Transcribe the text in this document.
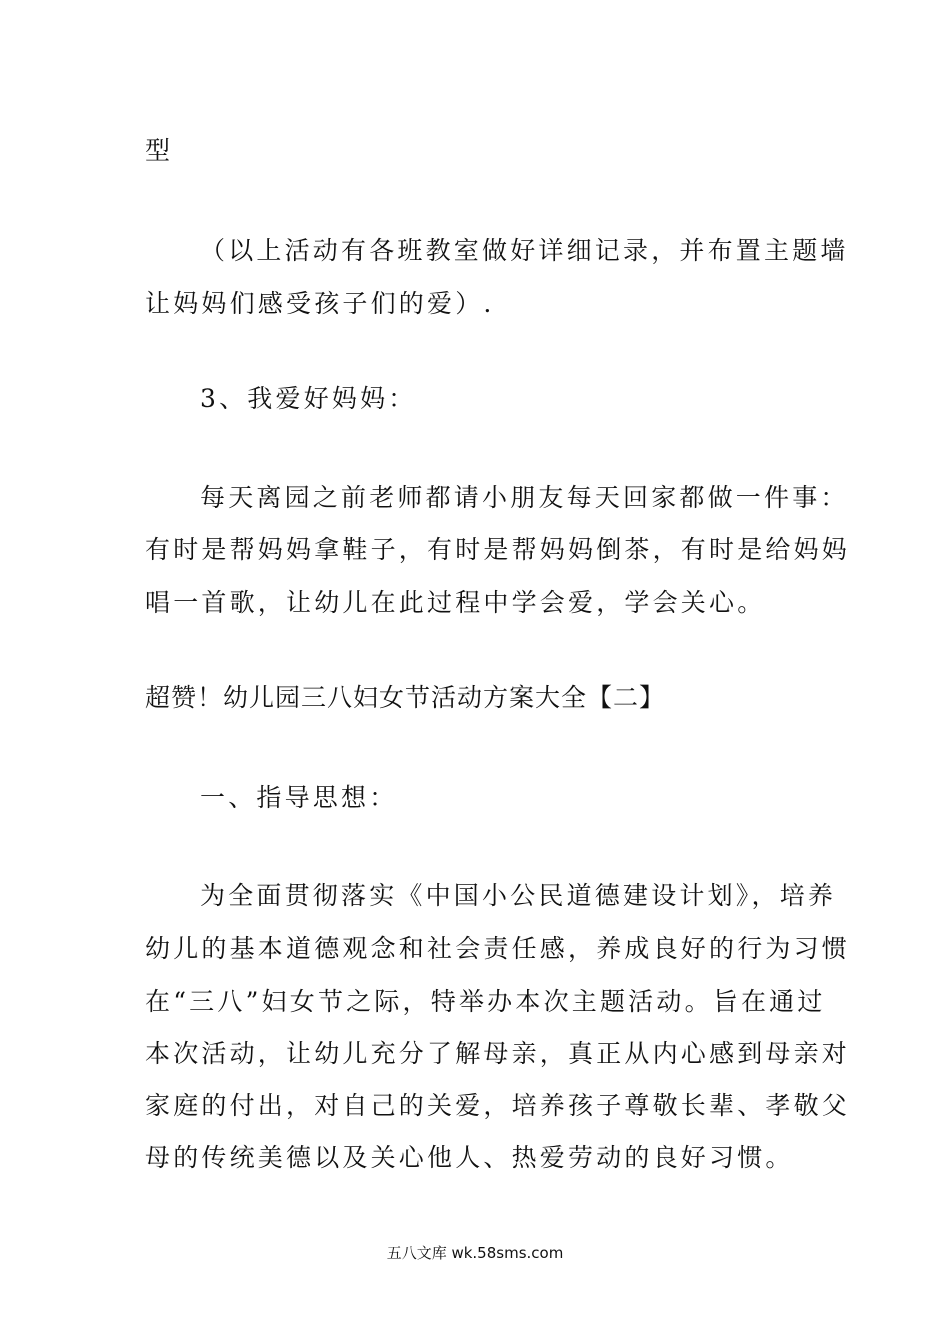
型
（以上活动有各班教室做好详细记录，并布置主题墙
让妈妈们感受孩子们的爱）.
3、我爱好妈妈：
每天离园之前老师都请小朋友每天回家都做一件事：
有时是帮妈妈拿鞋子，有时是帮妈妈倒茶，有时是给妈妈
唱一首歌，让幼儿在此过程中学会爱，学会关心。
超赞！幼儿园三八妇女节活动方案大全【二】
一、指导思想：
为全面贯彻落实《中国小公民道德建设计划》，培养
幼儿的基本道德观念和社会责任感，养成良好的行为习惯
在“三八”妇女节之际，特举办本次主题活动。旨在通过
本次活动，让幼儿充分了解母亲，真正从内心感到母亲对
家庭的付出，对自己的关爱，培养孩子尊敬长辈、孝敬父
母的传统美德以及关心他人、热爱劳动的良好习惯。
五八文库 wk.58sms.com
